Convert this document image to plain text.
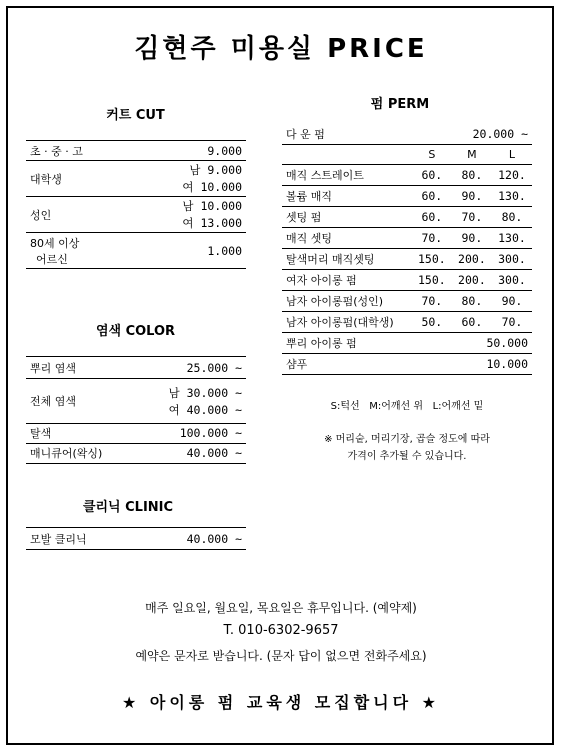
김현주 미용실 PRICE
커트 CUT
초 · 중 · 고	9.000
대학생	남 9.000
	여 10.000
성인	남 10.000
	여 13.000

80세 이상
어르신	1.000
염색 COLOR
뿌리 염색	25.000 ~
전체 염색	남 30.000 ~
	여 40.000 ~
탈색	100.000 ~
매니큐어(왁싱)	40.000 ~
클리닉 CLINIC
모발 클리닉	40.000 ~
펌 PERM
다 운 펌	20.000 ~		
	S	M	L
매직 스트레이트	60.	80.	120.
볼륨 매직	60.	90.	130.
셋팅 펌	60.	70.	80.
매직 셋팅	70.	90.	130.
탈색머리 매직셋팅	150.	200.	300.
여자 아이롱 펌	150.	200.	300.
남자 아이롱펌(성인)	70.	80.	90.
남자 아이롱펌(대학생)	50.	60.	70.
뿌리 아이롱 펌	50.000		
샴푸	10.000		
S:턱선   M:어깨선 위   L:어깨선 밑
※ 머리숱, 머리기장, 곱슬 정도에 따라
가격이 추가될 수 있습니다.
매주 일요일, 월요일, 목요일은 휴무입니다. (예약제)
T. 010-6302-9657
예약은 문자로 받습니다. (문자 답이 없으면 전화주세요)
★ 아이롱 펌 교육생 모집합니다 ★
